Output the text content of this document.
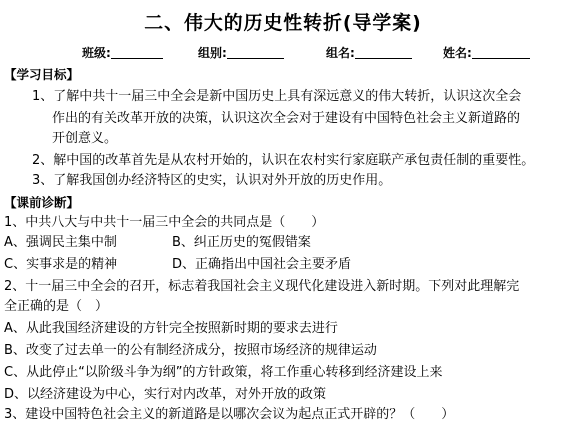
二、伟大的历史性转折(导学案)
$^{班级:}$	$^{组别:}$	$^{组名:}$	$^{姓名:}$
【学习目标】
1、了解中共十一届三中全会是新中国历史上具有深远意义的伟大转折，认识这次全会
作出的有关改革开放的决策，认识这次全会对于建设有中国特色社会主义新道路的
开创意义。
2、解中国的改革首先是从农村开始的，认识在农村实行家庭联产承包责任制的重要性。
3、了解我国创办经济特区的史实，认识对外开放的历史作用。
【课前诊断】
1、中共八大与中共十一届三中全会的共同点是（　　）
A、强调民主集中制	B、纠正历史的冤假错案
C、实事求是的精神	D、正确指出中国社会主要矛盾
2、十一届三中全会的召开，标志着我国社会主义现代化建设进入新时期。下列对此理解完
全正确的是（　）
A、从此我国经济建设的方针完全按照新时期的要求去进行
B、改变了过去单一的公有制经济成分，按照市场经济的规律运动
C、从此停止“以阶级斗争为纲”的方针政策，将工作重心转移到经济建设上来
D、以经济建设为中心，实行对内改革，对外开放的政策
3、建设中国特色社会主义的新道路是以哪次会议为起点正式开辟的？（　　）
